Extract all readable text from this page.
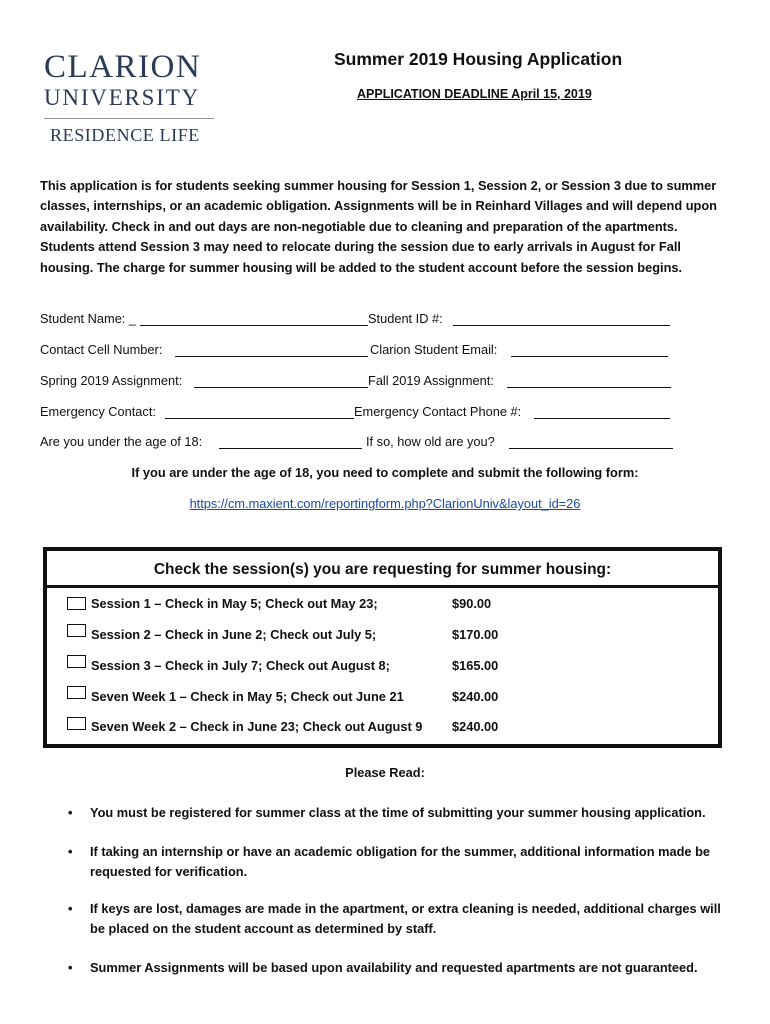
CLARION
UNIVERSITY
RESIDENCE LIFE
Summer 2019 Housing Application
APPLICATION DEADLINE April 15, 2019
This application is for students seeking summer housing for Session 1, Session 2, or Session 3 due to summer classes, internships, or an academic obligation. Assignments will be in Reinhard Villages and will depend upon availability. Check in and out days are non-negotiable due to cleaning and preparation of the apartments. Students attend Session 3 may need to relocate during the session due to early arrivals in August for Fall housing. The charge for summer housing will be added to the student account before the session begins.
Student Name: _	Student ID #:
Contact Cell Number:	Clarion Student Email:
Spring 2019 Assignment:	Fall 2019 Assignment:
Emergency Contact:	Emergency Contact Phone #:
Are you under the age of 18:	If so, how old are you?
If you are under the age of 18, you need to complete and submit the following form:
https://cm.maxient.com/reportingform.php?ClarionUniv&layout_id=26
Check the session(s) you are requesting for summer housing:
Session 1 – Check in May 5; Check out May 23;	$90.00
Session 2 – Check in June 2; Check out July 5;	$170.00
Session 3 – Check in July 7; Check out August 8;	$165.00
Seven Week 1 – Check in May 5; Check out June 21	$240.00
Seven Week 2 – Check in June 23; Check out August 9 $240.00
Please Read:
• You must be registered for summer class at the time of submitting your summer housing application.
• If taking an internship or have an academic obligation for the summer, additional information made be requested for verification.
• If keys are lost, damages are made in the apartment, or extra cleaning is needed, additional charges will be placed on the student account as determined by staff.
• Summer Assignments will be based upon availability and requested apartments are not guaranteed.
